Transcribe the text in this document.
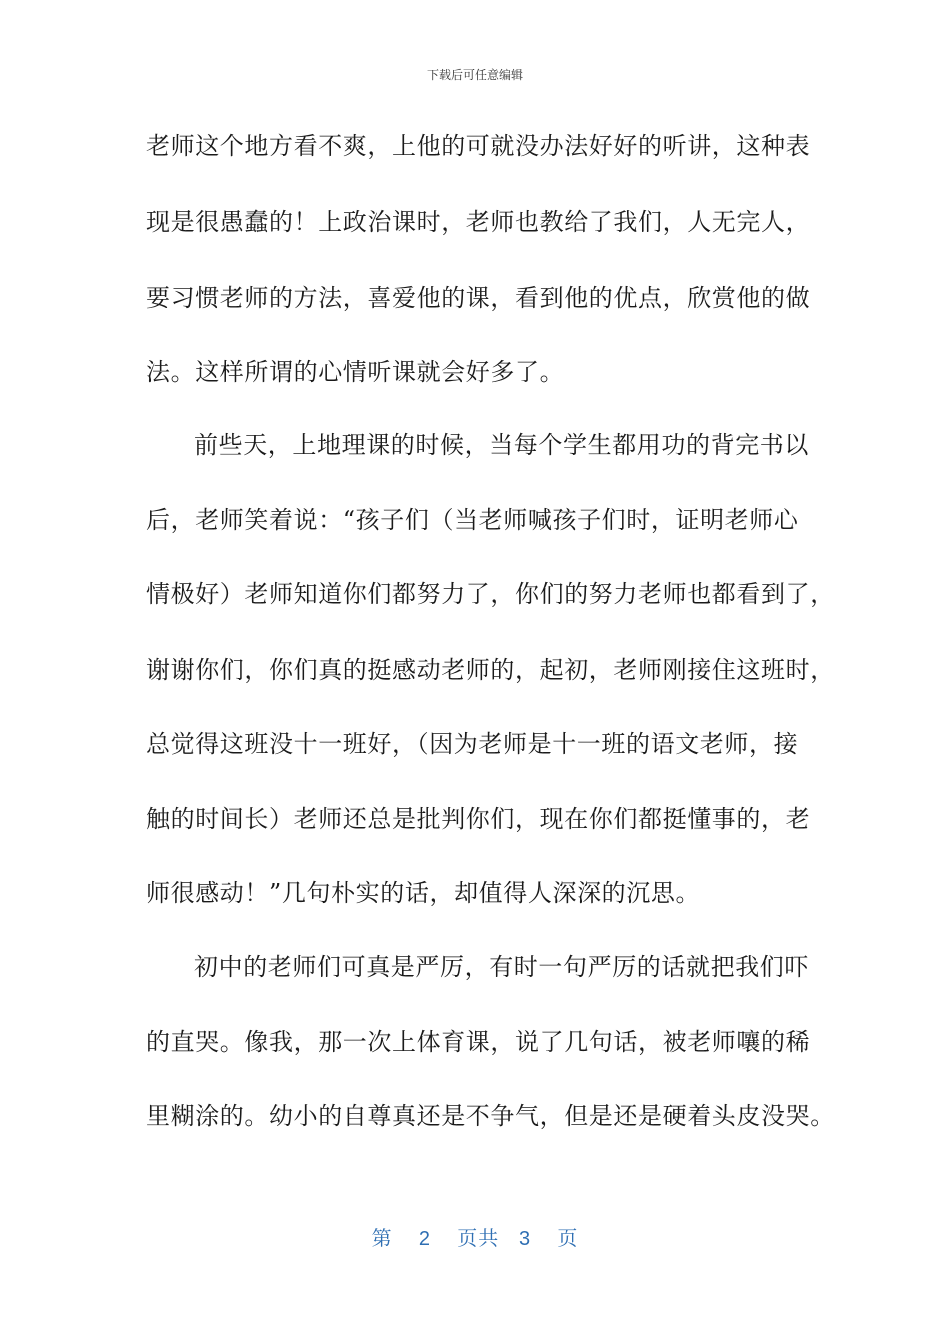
下载后可任意编辑
老师这个地方看不爽，上他的可就没办法好好的听讲，这种表
现是很愚蠢的！上政治课时，老师也教给了我们，人无完人，
要习惯老师的方法，喜爱他的课，看到他的优点，欣赏他的做
法。这样所谓的心情听课就会好多了。
前些天，上地理课的时候，当每个学生都用功的背完书以
后，老师笑着说：“孩子们（当老师喊孩子们时，证明老师心
情极好）老师知道你们都努力了，你们的努力老师也都看到了，
谢谢你们，你们真的挺感动老师的，起初，老师刚接住这班时，
总觉得这班没十一班好，（因为老师是十一班的语文老师，接
触的时间长）老师还总是批判你们，现在你们都挺懂事的，老
师很感动！”几句朴实的话，却值得人深深的沉思。
初中的老师们可真是严厉，有时一句严厉的话就把我们吓
的直哭。像我，那一次上体育课，说了几句话，被老师嚷的稀
里糊涂的。幼小的自尊真还是不争气，但是还是硬着头皮没哭。
第 2 页共 3 页
